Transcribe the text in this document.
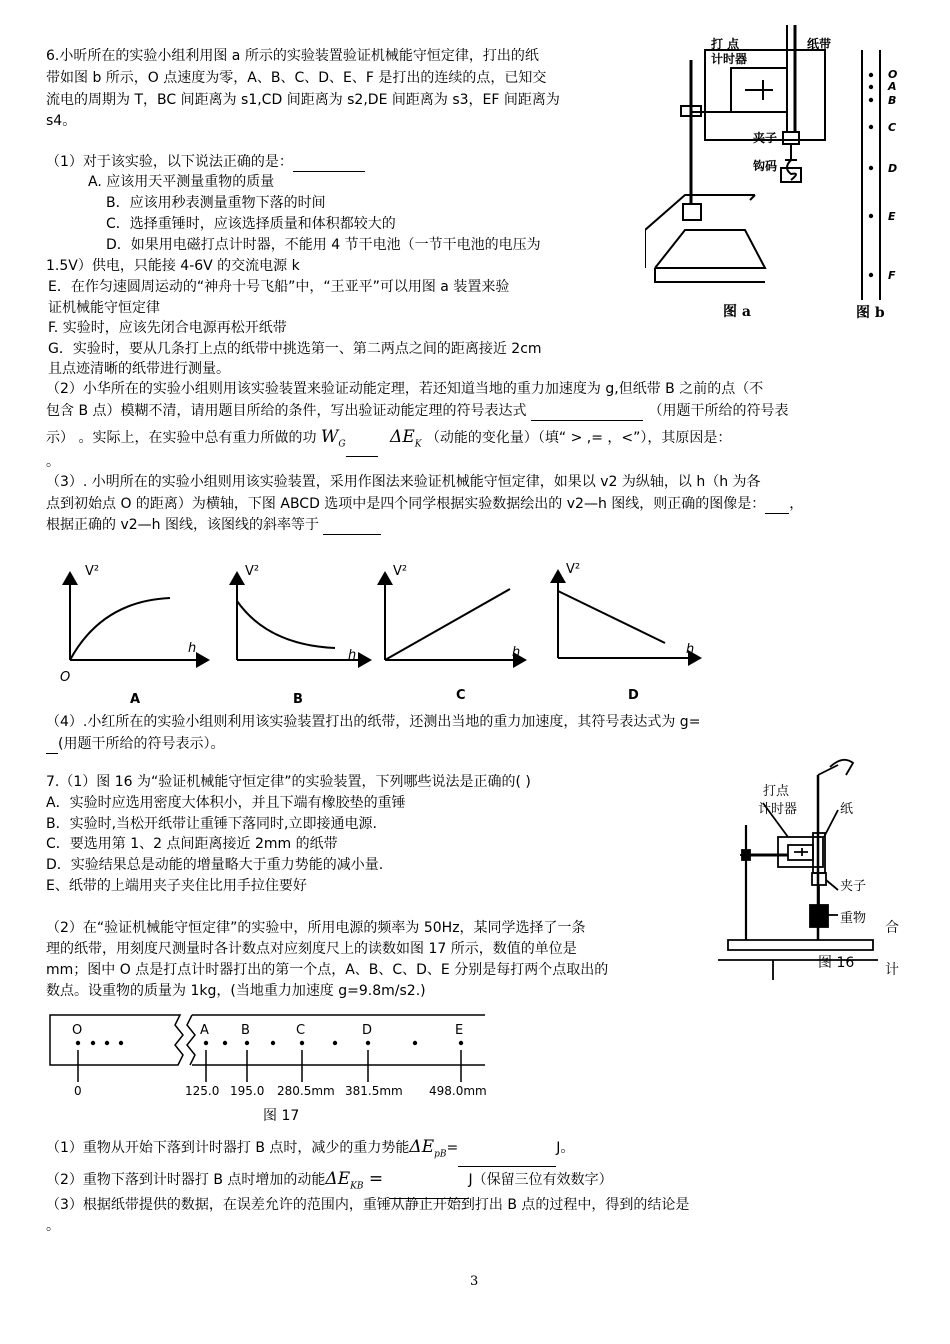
6.小昕所在的实验小组利用图 a 所示的实验装置验证机械能守恒定律，打出的纸
带如图 b 所示，O 点速度为零，A、B、C、D、E、F 是打出的连续的点，已知交
流电的周期为 T，BC 间距离为 s1,CD 间距离为 s2,DE 间距离为 s3，EF 间距离为
s4。
（1）对于该实验，以下说法正确的是：
A. 应该用天平测量重物的质量
B．应该用秒表测量重物下落的时间
C．选择重锤时，应该选择质量和体积都较大的
D．如果用电磁打点计时器，不能用 4 节干电池（一节干电池的电压为
1.5V）供电，只能接 4-6V 的交流电源 k
E．在作匀速圆周运动的“神舟十号飞船”中，“王亚平”可以用图 a 装置来验
证机械能守恒定律
F. 实验时，应该先闭合电源再松开纸带
G．实验时，要从几条打上点的纸带中挑选第一、第二两点之间的距离接近 2cm
且点迹清晰的纸带进行测量。
（2）小华所在的实验小组则用该实验装置来验证动能定理，若还知道当地的重力加速度为 g,但纸带 B 之前的点（不
包含 B 点）模糊不清，请用题目所给的条件，写出验证动能定理的符号表达式	（用题干所给的符号表
示） 。实际上，在实验中总有重力所做的功 $W_G$	$\Delta E_K$ （动能的变化量）（填“ > ,= ，<”），其原因是：
。
（3）. 小明所在的实验小组则用该实验装置，采用作图法来验证机械能守恒定律，如果以 v2 为纵轴，以 h（h 为各
点到初始点 O 的距离）为横轴，下图 ABCD 选项中是四个同学根据实验数据绘出的 v2—h 图线，则正确的图像是： ，
根据正确的 v2—h 图线，该图线的斜率等于
V²
h
O
A
V²
h
B
V²
h
C
V²
h
D
（4）.小红所在的实验小组则利用该实验装置打出的纸带，还测出当地的重力加速度，其符号表达式为 g=
(用题干所给的符号表示）。
打 点
计时器
纸带
夹子
钩码
图 a
O
A
B
C
D
E
F
图 b
7.（1）图 16 为“验证机械能守恒定律”的实验装置，下列哪些说法是正确的( )
A．实验时应选用密度大体积小，并且下端有橡胶垫的重锤
B．实验时,当松开纸带让重锤下落同时,立即接通电源.
C．要选用第 1、2 点间距离接近 2mm 的纸带
D．实验结果总是动能的增量略大于重力势能的减小量.
E、纸带的上端用夹子夹住比用手拉住要好
（2）在“验证机械能守恒定律”的实验中，所用电源的频率为 50Hz，某同学选择了一条	合
理的纸带，用刻度尺测量时各计数点对应刻度尺上的读数如图 17 所示，数值的单位是
mm；图中 O 点是打点计时器打出的第一个点，A、B、C、D、E 分别是每打两个点取出的	计
数点。设重物的质量为 1kg，(当地重力加速度 g=9.8m/s2.)
打点
计时器	纸
夹子
重物
图 16
O	A B	C	D	E
0	125.0 195.0 280.5mm 381.5mm 498.0mm
图 17
（1）重物从开始下落到计时器打 B 点时，减少的重力势能$\Delta E_{pB}=$	J。
（2）重物下落到计时器打 B 点时增加的动能$\Delta E_{KB}$ =	J（保留三位有效数字）
（3）根据纸带提供的数据，在误差允许的范围内，重锤从静止开始到打出 B 点的过程中，得到的结论是
。
3
